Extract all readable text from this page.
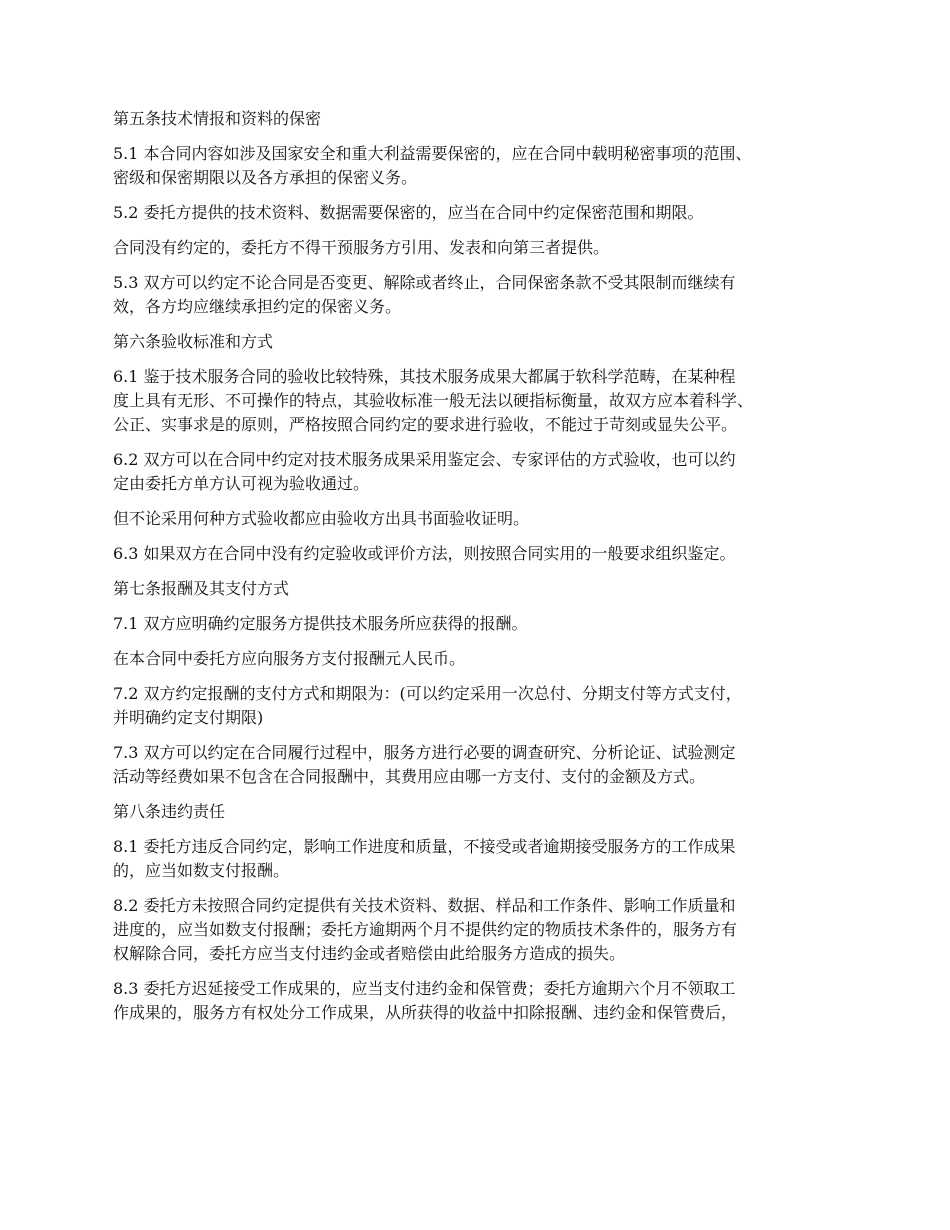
第五条技术情报和资料的保密

5.1 本合同内容如涉及国家安全和重大利益需要保密的，应在合同中载明秘密事项的范围、
密级和保密期限以及各方承担的保密义务。

5.2 委托方提供的技术资料、数据需要保密的，应当在合同中约定保密范围和期限。

合同没有约定的，委托方不得干预服务方引用、发表和向第三者提供。

5.3 双方可以约定不论合同是否变更、解除或者终止，合同保密条款不受其限制而继续有
效，各方均应继续承担约定的保密义务。

第六条验收标准和方式

6.1 鉴于技术服务合同的验收比较特殊，其技术服务成果大都属于软科学范畴，在某种程
度上具有无形、不可操作的特点，其验收标准一般无法以硬指标衡量，故双方应本着科学、
公正、实事求是的原则，严格按照合同约定的要求进行验收，不能过于苛刻或显失公平。

6.2 双方可以在合同中约定对技术服务成果采用鉴定会、专家评估的方式验收，也可以约
定由委托方单方认可视为验收通过。

但不论采用何种方式验收都应由验收方出具书面验收证明。

6.3 如果双方在合同中没有约定验收或评价方法，则按照合同实用的一般要求组织鉴定。

第七条报酬及其支付方式

7.1 双方应明确约定服务方提供技术服务所应获得的报酬。

在本合同中委托方应向服务方支付报酬元人民币。

7.2 双方约定报酬的支付方式和期限为：(可以约定采用一次总付、分期支付等方式支付，
并明确约定支付期限)

7.3 双方可以约定在合同履行过程中，服务方进行必要的调查研究、分析论证、试验测定
活动等经费如果不包含在合同报酬中，其费用应由哪一方支付、支付的金额及方式。

第八条违约责任

8.1 委托方违反合同约定，影响工作进度和质量，不接受或者逾期接受服务方的工作成果
的，应当如数支付报酬。

8.2 委托方未按照合同约定提供有关技术资料、数据、样品和工作条件、影响工作质量和
进度的，应当如数支付报酬；委托方逾期两个月不提供约定的物质技术条件的，服务方有
权解除合同，委托方应当支付违约金或者赔偿由此给服务方造成的损失。

8.3 委托方迟延接受工作成果的，应当支付违约金和保管费；委托方逾期六个月不领取工
作成果的，服务方有权处分工作成果，从所获得的收益中扣除报酬、违约金和保管费后，
